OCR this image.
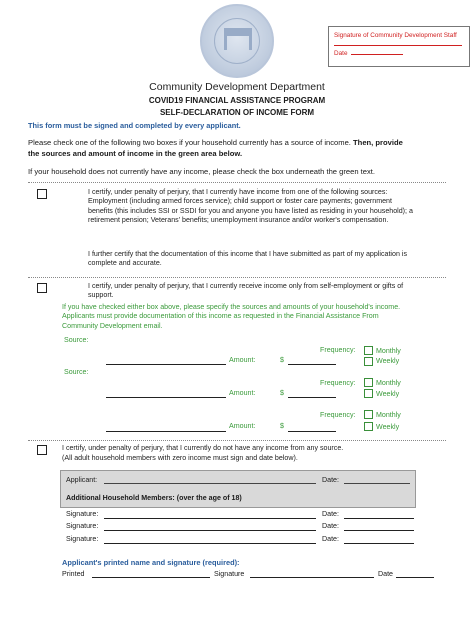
Signature of Community Development Staff
Date
Community Development Department
COVID19 FINANCIAL ASSISTANCE PROGRAM
SELF-DECLARATION OF INCOME FORM
This form must be signed and completed by every applicant.
Please check one of the following two boxes if your household currently has a source of income. Then, provide
the sources and amount of income in the green area below.
If your household does not currently have any income, please check the box underneath the green text.
I certify, under penalty of perjury, that I currently have income from one of the following sources: Employment (including armed forces service); child support or foster care payments; government benefits (this includes SSI or SSDI for you and anyone you have listed as residing in your household); a retirement pension; Veterans' benefits; unemployment insurance and/or worker's compensation.
I further certify that the documentation of this income that I have submitted as part of my application is complete and accurate.
I certify, under penalty of perjury, that I currently receive income only from self-employment or gifts of support.
If you have checked either box above, please specify the sources and amounts of your household's income. Applicants must provide documentation of this income as requested in the Financial Assistance From Community Development email.
Source:
Frequency:	Monthly
Amount:	$	Weekly
Source:
Frequency:	Monthly
Amount:	$	Weekly
Frequency:	Monthly
Amount:	$	Weekly
I certify, under penalty of perjury, that I currently do not have any income from any source.
(All adult household members with zero income must sign and date below).
Applicant:	Date:
Additional Household Members: (over the age of 18)
Signature:	Date:
Signature:	Date:
Signature:	Date:
Applicant's printed name and signature (required):
Printed	Signature	Date
